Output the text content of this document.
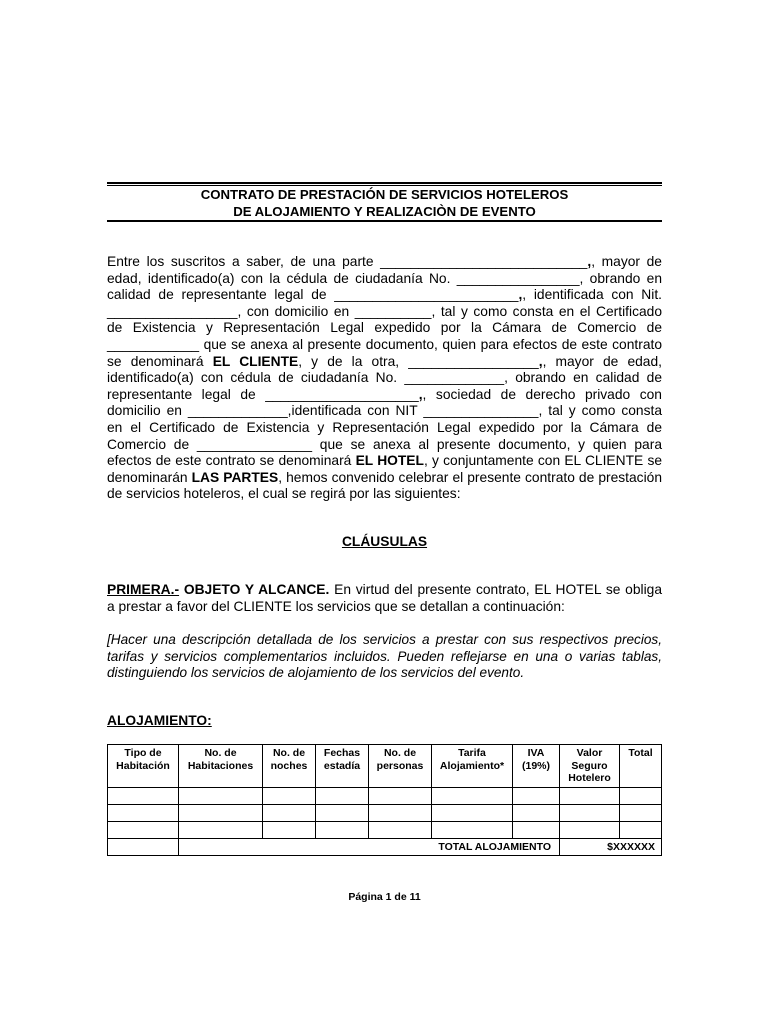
CONTRATO DE PRESTACIÓN DE SERVICIOS HOTELEROS
DE ALOJAMIENTO Y REALIZACIÒN DE EVENTO
Entre los suscritos a saber, de una parte ___________________________,, mayor de edad, identificado(a) con la cédula de ciudadanía No. ________________, obrando en calidad de representante legal de ________________________,, identificada con Nit. _________________, con domicilio en __________, tal y como consta en el Certificado de Existencia y Representación Legal expedido por la Cámara de Comercio de ____________ que se anexa al presente documento, quien para efectos de este contrato se denominará EL CLIENTE, y de la otra, _________________,, mayor de edad, identificado(a) con cédula de ciudadanía No. _____________, obrando en calidad de representante legal de ____________________,, sociedad de derecho privado con domicilio en _____________,identificada con NIT _______________, tal y como consta en el Certificado de Existencia y Representación Legal expedido por la Cámara de Comercio de _______________ que se anexa al presente documento, y quien para efectos de este contrato se denominará EL HOTEL, y conjuntamente con EL CLIENTE se denominarán LAS PARTES, hemos convenido celebrar el presente contrato de prestación de servicios hoteleros, el cual se regirá por las siguientes:
CLÁUSULAS
PRIMERA.- OBJETO Y ALCANCE. En virtud del presente contrato, EL HOTEL se obliga a prestar a favor del CLIENTE los servicios que se detallan a continuación:
[Hacer una descripción detallada de los servicios a prestar con sus respectivos precios, tarifas y servicios complementarios incluidos. Pueden reflejarse en una o varias tablas, distinguiendo los servicios de alojamiento de los servicios del evento.
ALOJAMIENTO:
Tipo de Habitación	No. de Habitaciones	No. de noches	Fechas estadía	No. de personas	Tarifa Alojamiento*	IVA (19%)	Valor Seguro Hotelero	Total

	TOTAL ALOJAMIENTO						$XXXXXX	
Página 1 de 11
